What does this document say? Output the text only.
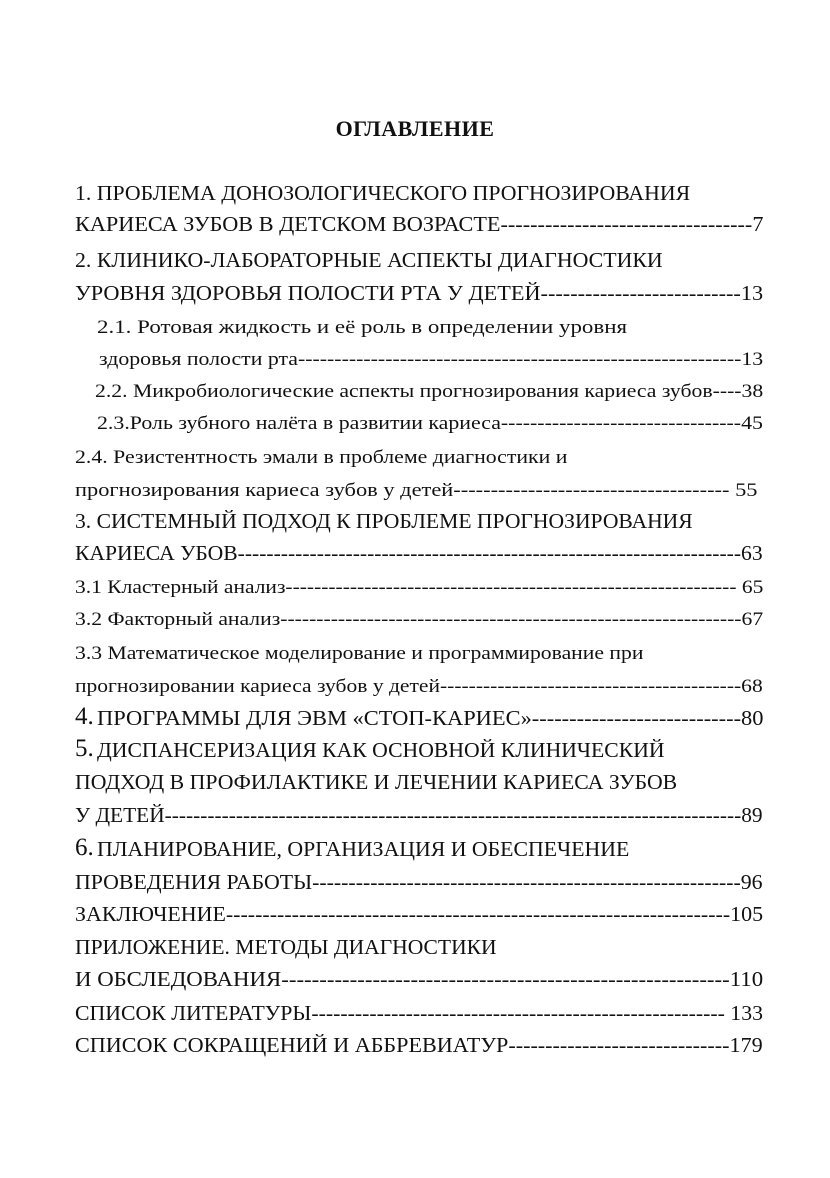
ОГЛАВЛЕНИЕ
1. ПРОБЛЕМА ДОНОЗОЛОГИЧЕСКОГО ПРОГНОЗИРОВАНИЯ
КАРИЕСА ЗУБОВ В ДЕТСКОМ ВОЗРАСТЕ----------------------------------7
2. КЛИНИКО-ЛАБОРАТОРНЫЕ АСПЕКТЫ ДИАГНОСТИКИ
УРОВНЯ ЗДОРОВЬЯ ПОЛОСТИ РТА У ДЕТЕЙ---------------------------13
2.1. Ротовая жидкость и её роль в определении уровня
здоровья полости рта-------------------------------------------------------------13
2.2. Микробиологические аспекты прогнозирования кариеса зубов----38
2.3.Роль зубного налёта в развитии кариеса---------------------------------45
2.4. Резистентность эмали в проблеме диагностики и
прогнозирования кариеса зубов у детей------------------------------------- 55
3. СИСТЕМНЫЙ ПОДХОД К ПРОБЛЕМЕ ПРОГНОЗИРОВАНИЯ
КАРИЕСА УБОВ----------------------------------------------------------------------63
3.1 Кластерный анализ--------------------------------------------------------------- 65
3.2 Факторный анализ----------------------------------------------------------------67
3.3 Математическое моделирование и программирование при
прогнозировании кариеса зубов у детей------------------------------------------68
4. ПРОГРАММЫ ДЛЯ ЭВМ «СТОП-КАРИЕС»----------------------------80
5. ДИСПАНСЕРИЗАЦИЯ КАК ОСНОВНОЙ КЛИНИЧЕСКИЙ
ПОДХОД В ПРОФИЛАКТИКЕ И ЛЕЧЕНИИ КАРИЕСА ЗУБОВ
У ДЕТЕЙ---------------------------------------------------------------------------------89
6. ПЛАНИРОВАНИЕ, ОРГАНИЗАЦИЯ И ОБЕСПЕЧЕНИЕ
ПРОВЕДЕНИЯ РАБОТЫ-----------------------------------------------------------96
ЗАКЛЮЧЕНИЕ---------------------------------------------------------------------105
ПРИЛОЖЕНИЕ. МЕТОДЫ ДИАГНОСТИКИ
И ОБСЛЕДОВАНИЯ-----------------------------------------------------------110
СПИСОК ЛИТЕРАТУРЫ--------------------------------------------------------- 133
СПИСОК СОКРАЩЕНИЙ И АББРЕВИАТУР------------------------------179
